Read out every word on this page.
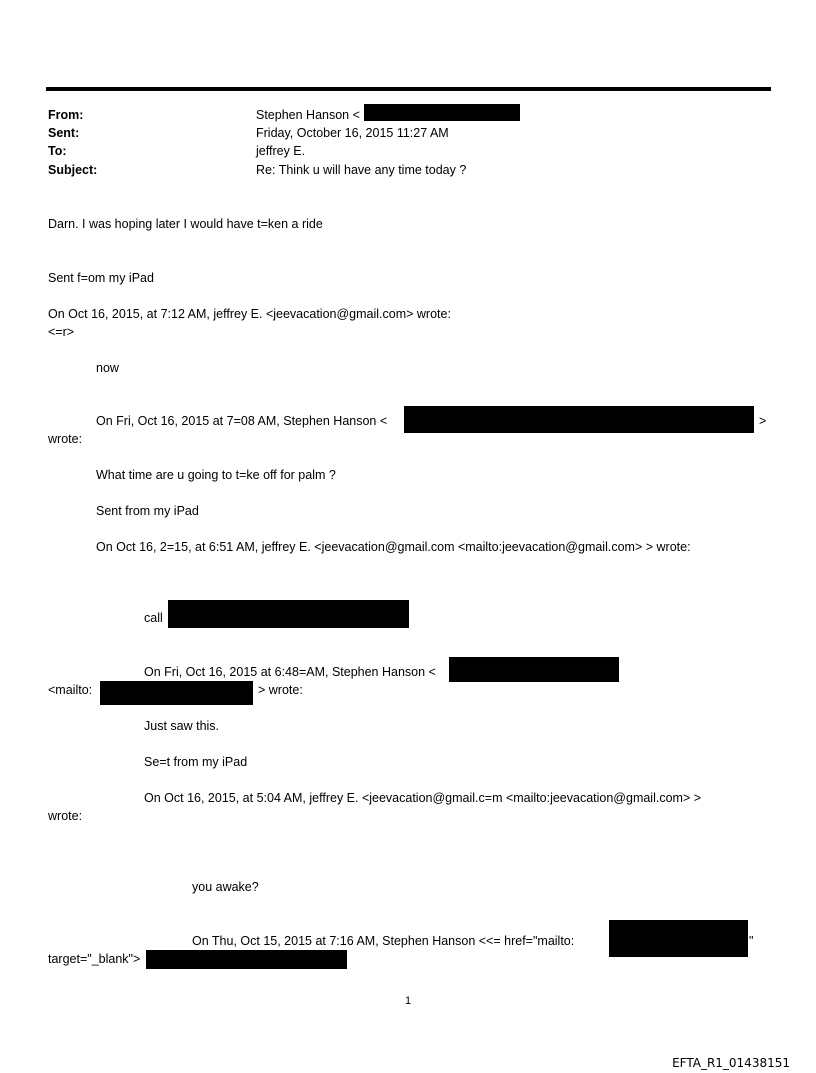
From:	Stephen Hanson <
Sent:	Friday, October 16, 2015 11:27 AM
To:	jeffrey E.
Subject:	Re: Think u will have any time today ?
Darn. I was hoping later I would have t=ken a ride
Sent f=om my iPad
On Oct 16, 2015, at 7:12 AM, jeffrey E. <jeevacation@gmail.com> wrote:
<=r>
now
On Fri, Oct 16, 2015 at 7=08 AM, Stephen Hanson <	>
wrote:
What time are u going to t=ke off for palm ?
Sent from my iPad
On Oct 16, 2=15, at 6:51 AM, jeffrey E. <jeevacation@gmail.com <mailto:jeevacation@gmail.com> > wrote:
call
On Fri, Oct 16, 2015 at 6:48=AM, Stephen Hanson <
<mailto:	> wrote:
Just saw this.
Se=t from my iPad
On Oct 16, 2015, at 5:04 AM, jeffrey E. <jeevacation@gmail.c=m <mailto:jeevacation@gmail.com> >
wrote:
you awake?
On Thu, Oct 15, 2015 at 7:16 AM, Stephen Hanson <<= href="mailto:	"
target="_blank">
1
EFTA_R1_01438151
